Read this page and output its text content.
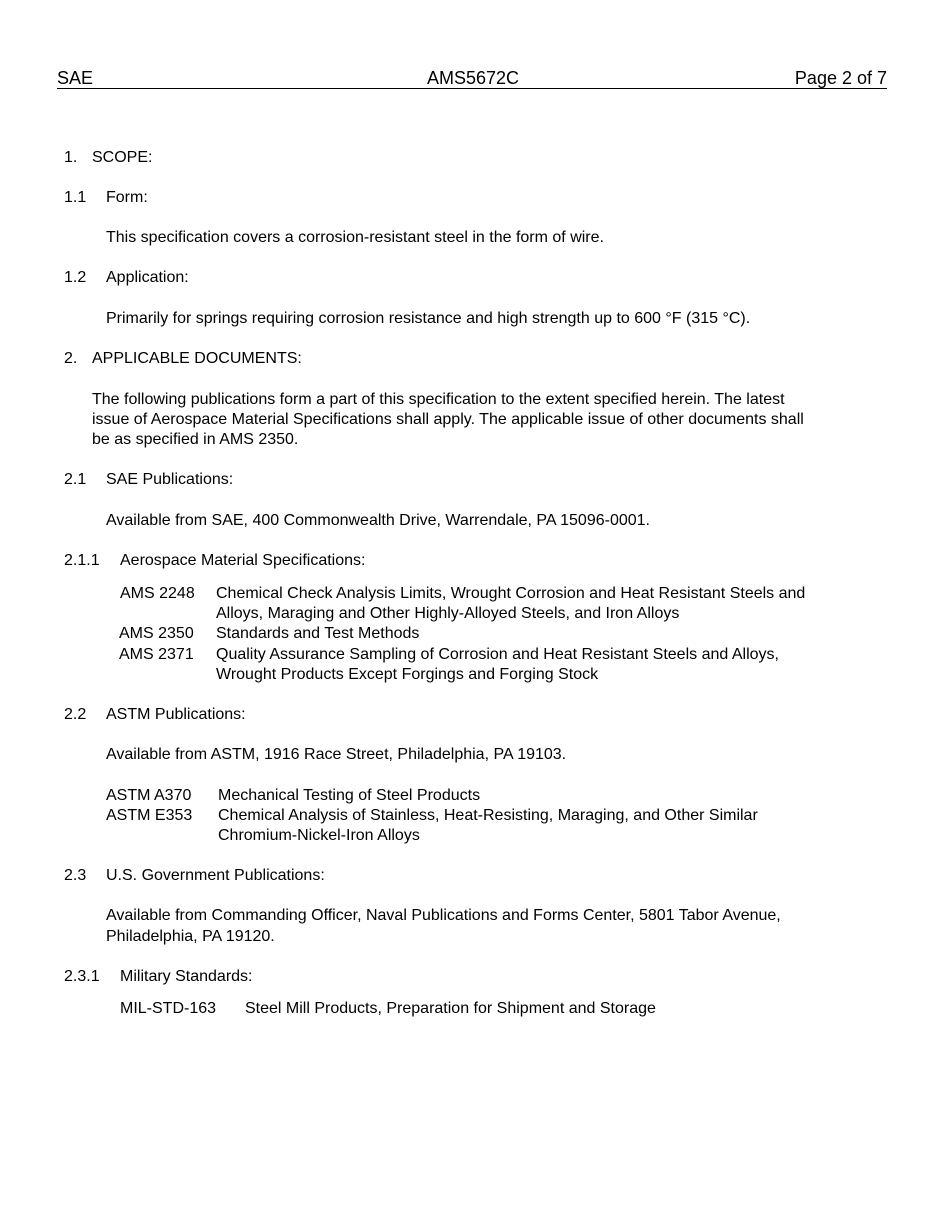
SAE	AMS5672C	Page 2 of 7
1. SCOPE:
1.1 Form:
This specification covers a corrosion-resistant steel in the form of wire.
1.2 Application:
Primarily for springs requiring corrosion resistance and high strength up to 600 °F (315 °C).
2. APPLICABLE DOCUMENTS:
The following publications form a part of this specification to the extent specified herein. The latest
issue of Aerospace Material Specifications shall apply. The applicable issue of other documents shall
be as specified in AMS 2350.
2.1 SAE Publications:
Available from SAE, 400 Commonwealth Drive, Warrendale, PA 15096-0001.
2.1.1 Aerospace Material Specifications:
AMS 2248 Chemical Check Analysis Limits, Wrought Corrosion and Heat Resistant Steels and
Alloys, Maraging and Other Highly-Alloyed Steels, and Iron Alloys
AMS 2350 Standards and Test Methods
AMS 2371 Quality Assurance Sampling of Corrosion and Heat Resistant Steels and Alloys,
Wrought Products Except Forgings and Forging Stock
2.2 ASTM Publications:
Available from ASTM, 1916 Race Street, Philadelphia, PA 19103.
ASTM A370 Mechanical Testing of Steel Products
ASTM E353 Chemical Analysis of Stainless, Heat-Resisting, Maraging, and Other Similar
Chromium-Nickel-Iron Alloys
2.3 U.S. Government Publications:
Available from Commanding Officer, Naval Publications and Forms Center, 5801 Tabor Avenue,
Philadelphia, PA 19120.
2.3.1 Military Standards:
MIL-STD-163 Steel Mill Products, Preparation for Shipment and Storage
